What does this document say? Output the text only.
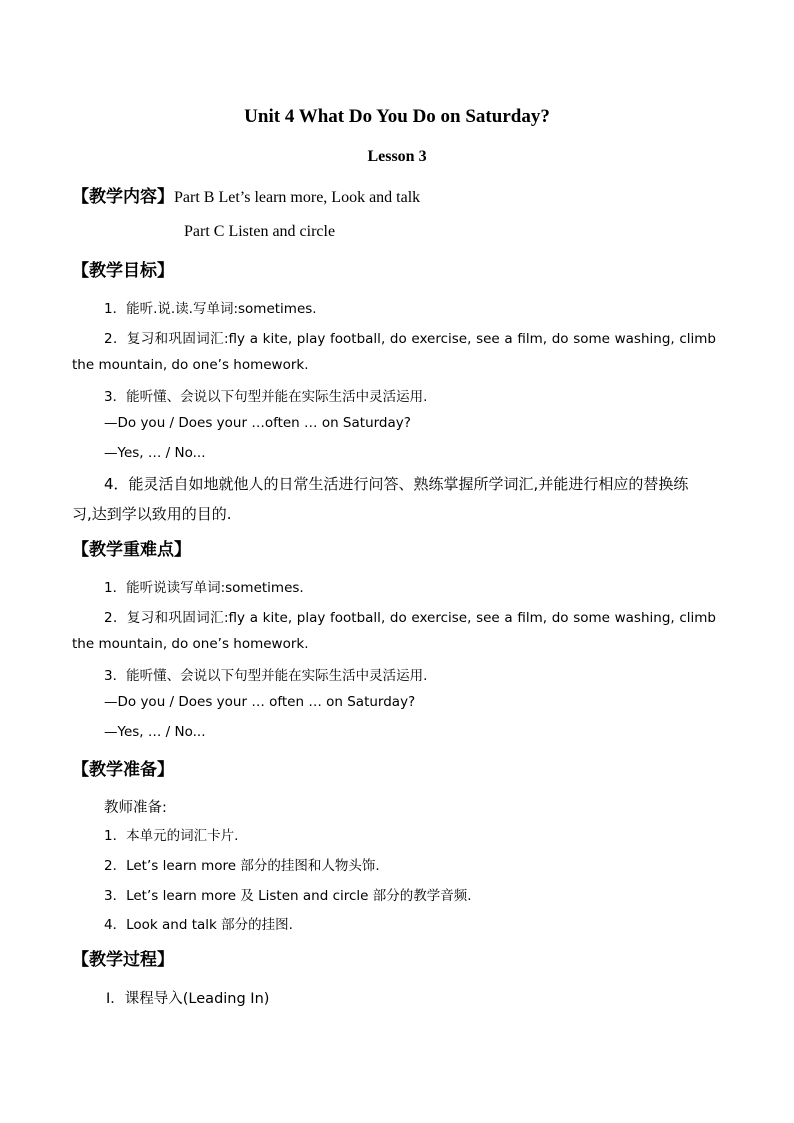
Unit 4 What Do You Do on Saturday?
Lesson 3
【教学内容】Part B Let’s learn more, Look and talk
Part C Listen and circle
【教学目标】
1．能听.说.读.写单词:sometimes.
2．复习和巩固词汇:fly a kite, play football, do exercise, see a film, do some washing, climb
the mountain, do one’s homework.
3．能听懂、会说以下句型并能在实际生活中灵活运用.
—Do you / Does your …often … on Saturday?
—Yes, … / No...
4．能灵活自如地就他人的日常生活进行问答、熟练掌握所学词汇,并能进行相应的替换练
习,达到学以致用的目的.
【教学重难点】
1．能听说读写单词:sometimes.
2．复习和巩固词汇:fly a kite, play football, do exercise, see a film, do some washing, climb
the mountain, do one’s homework.
3．能听懂、会说以下句型并能在实际生活中灵活运用.
—Do you / Does your … often … on Saturday?
—Yes, … / No...
【教学准备】
教师准备:
1．本单元的词汇卡片.
2．Let’s learn more 部分的挂图和人物头饰.
3．Let’s learn more 及 Listen and circle 部分的教学音频.
4．Look and talk 部分的挂图.
【教学过程】
Ⅰ．课程导入(Leading In)
